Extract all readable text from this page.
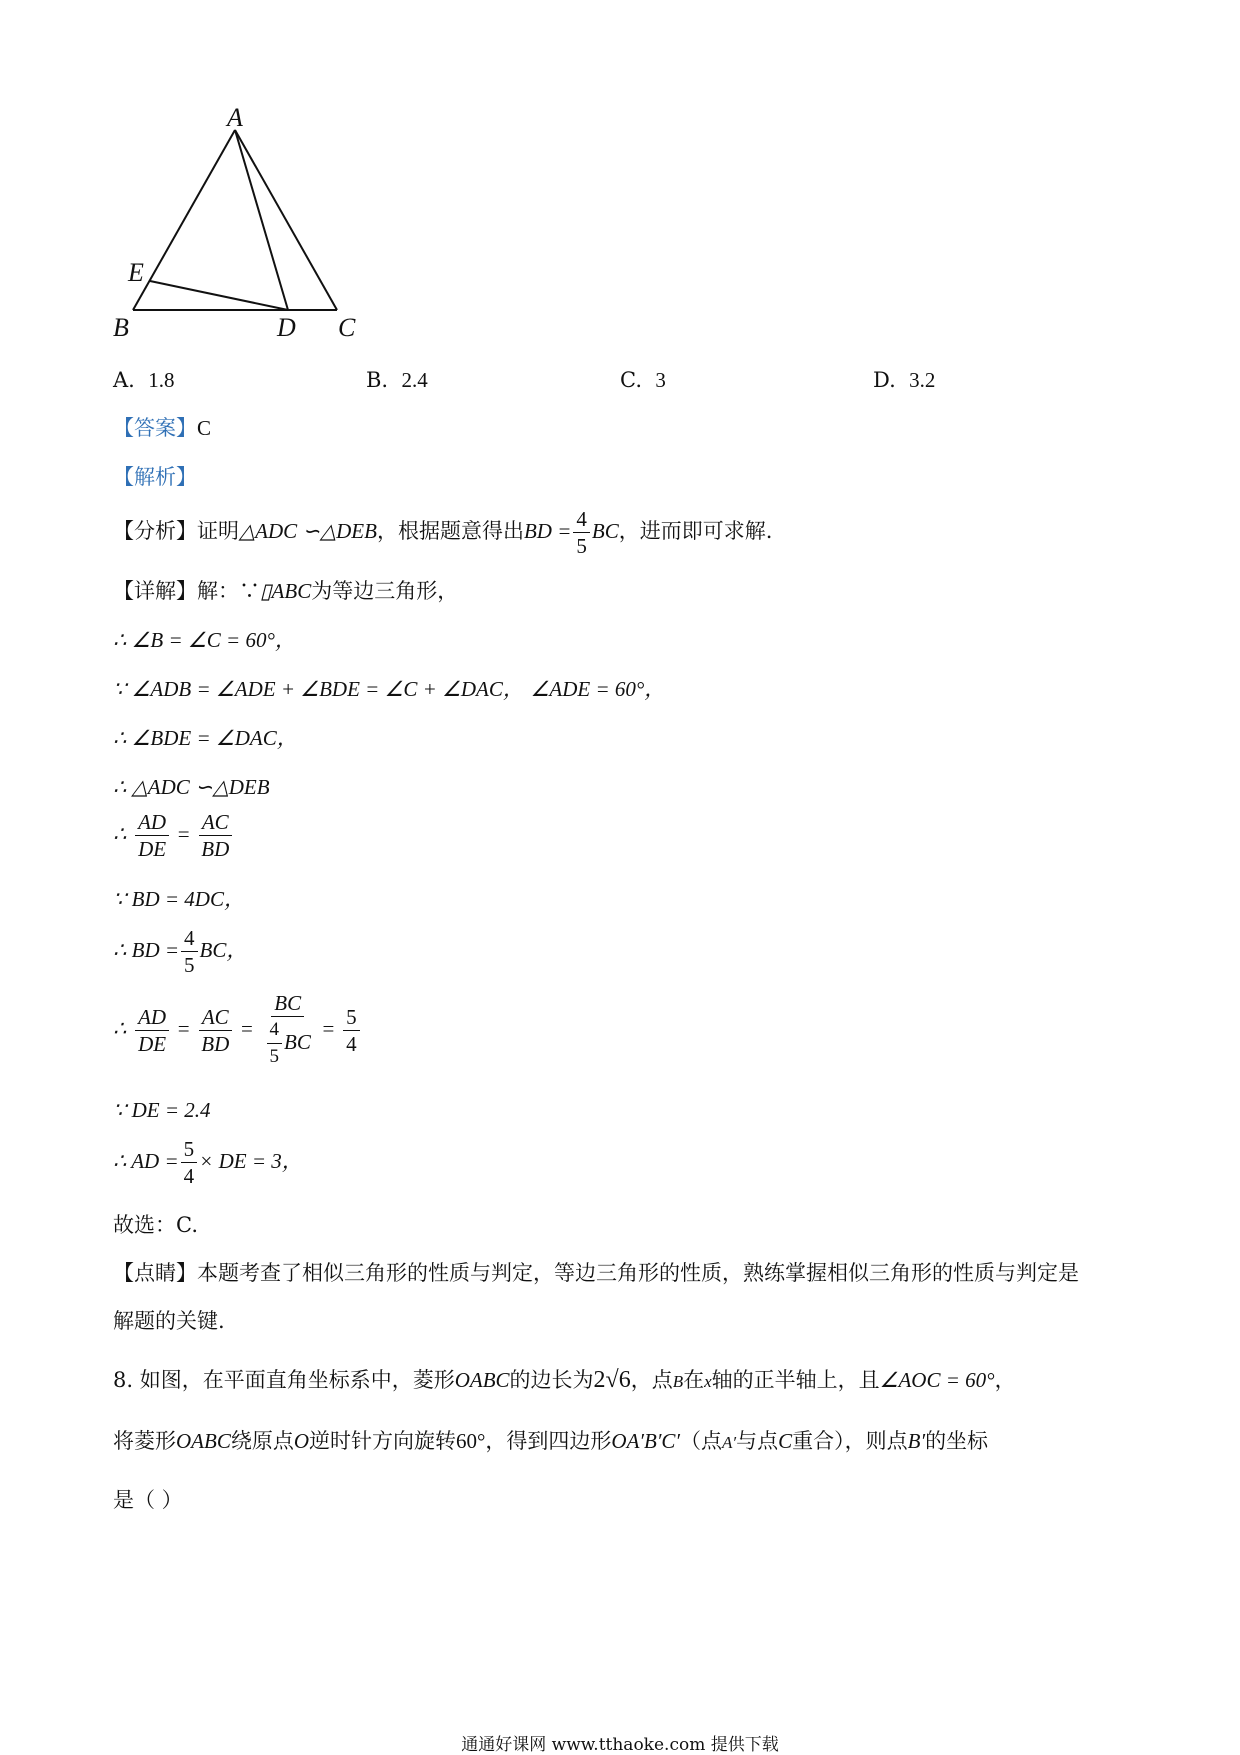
A
E
B	D C
A. 1.8	B. 2.4	C. 3	D. 3.2
【答案】C
【解析】
【分析】证明△ADC ∽△DEB，根据题意得出BD = $\frac{4}{5}$ BC，进而即可求解.
【详解】解：∵▯ABC为等边三角形，
∴ ∠B = ∠C = 60°，
∵ ∠ADB = ∠ADE + ∠BDE = ∠C + ∠DAC， ∠ADE = 60°，
∴ ∠BDE = ∠DAC，
∴ △ADC ∽△DEB
∴ $\frac{AD}{DE} = \frac{AC}{BD}$
∵ BD = 4DC，
∴ BD = $\frac{4}{5}$ BC，
∴ $\frac{AD}{DE} = \frac{AC}{BD} = \frac{BC}{\frac{4}{5} BC} = \frac{5}{4}$
∵ DE = 2.4
∴ AD = $\frac{5}{4}$ × DE = 3，
故选：C.
【点睛】本题考查了相似三角形的性质与判定，等边三角形的性质，熟练掌握相似三角形的性质与判定是
解题的关键.
8. 如图，在平面直角坐标系中，菱形OABC的边长为2√6，点B在x轴的正半轴上，且∠AOC = 60°，
将菱形OABC绕原点O逆时针方向旋转60°，得到四边形OA′B′C′（点A′与点C重合），则点B′的坐标
是（ ）
通通好课网 www.tthaoke.com 提供下载
